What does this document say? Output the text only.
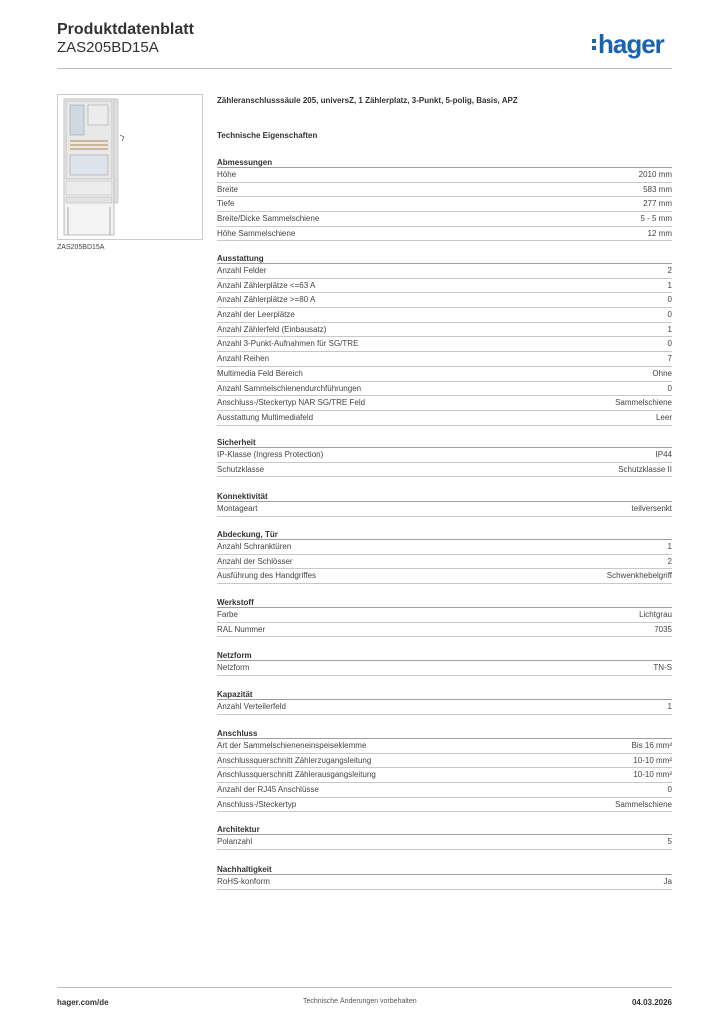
Produktdatenblatt
ZAS205BD15A	hager
ZAS205BD15A
Zähleranschlusssäule 205, universZ, 1 Zählerplatz, 3-Punkt, 5-polig, Basis, APZ
Technische Eigenschaften
Abmessungen
Höhe	2010 mm
Breite	583 mm
Tiefe	277 mm
Breite/Dicke Sammelschiene	5 - 5 mm
Höhe Sammelschiene	12 mm
Ausstattung
Anzahl Felder	2
Anzahl Zählerplätze <=63 A	1
Anzahl Zählerplätze >=80 A	0
Anzahl der Leerplätze	0
Anzahl Zählerfeld (Einbausatz)	1
Anzahl 3-Punkt-Aufnahmen für SG/TRE	0
Anzahl Reihen	7
Multimedia Feld Bereich	Ohne
Anzahl Sammelschienendurchführungen	0
Anschluss-/Steckertyp NAR SG/TRE Feld	Sammelschiene
Ausstattung Multimediafeld	Leer
Sicherheit
IP-Klasse (Ingress Protection)	IP44
Schutzklasse	Schutzklasse II
Konnektivität
Montageart	teilversenkt
Abdeckung, Tür
Anzahl Schranktüren	1
Anzahl der Schlösser	2
Ausführung des Handgriffes	Schwenkhebelgriff
Werkstoff
Farbe	Lichtgrau
RAL Nummer	7035
Netzform
Netzform	TN-S
Kapazität
Anzahl Verteilerfeld	1
Anschluss
Art der Sammelschieneneinspeiseklemme	Bis 16 mm²
Anschlussquerschnitt Zählerzugangsleitung	10-10 mm²
Anschlussquerschnitt Zählerausgangsleitung	10-10 mm²
Anzahl der RJ45 Anschlüsse	0
Anschluss-/Steckertyp	Sammelschiene
Architektur
Polanzahl	5
Nachhaltigkeit
RoHS-konform	Ja
hager.com/de	Technische Änderungen vorbehalten	04.03.2026
